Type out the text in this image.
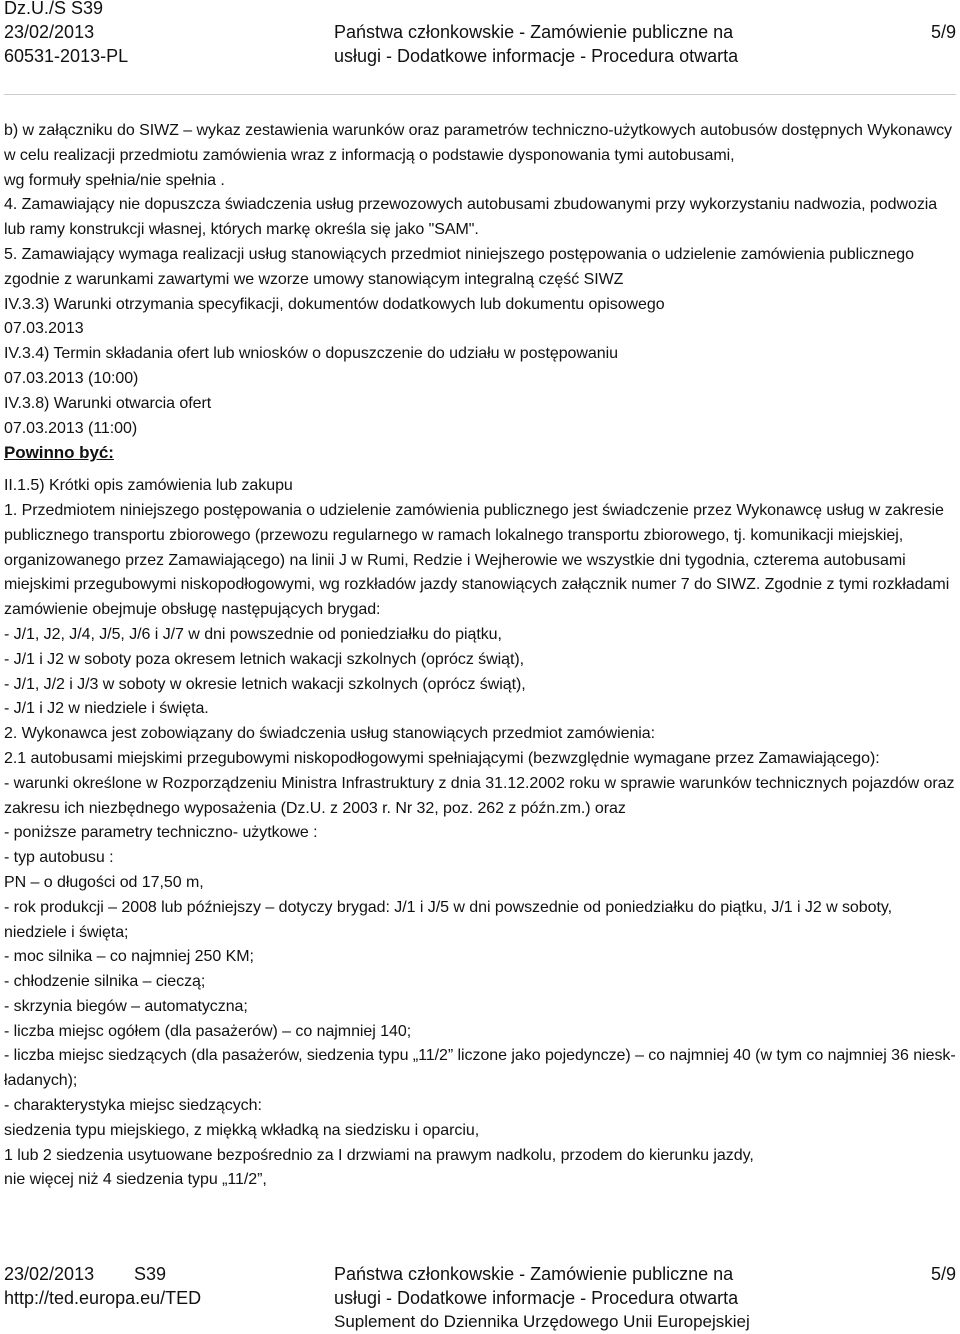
Dz.U./S S39
23/02/2013
60531-2013-PL
Państwa członkowskie - Zamówienie publiczne na
usługi - Dodatkowe informacje - Procedura otwarta
5/9

b) w załączniku do SIWZ – wykaz zestawienia warunków oraz parametrów techniczno-użytkowych autobusów dostępnych Wykonawcy w celu realizacji przedmiotu zamówienia wraz z informacją o podstawie dysponowania tymi autobusami,

wg formuły spełnia/nie spełnia .

4. Zamawiający nie dopuszcza świadczenia usług przewozowych autobusami zbudowanymi przy wykorzystaniu nadwozia, podwozia lub ramy konstrukcji własnej, których markę określa się jako "SAM".

5. Zamawiający wymaga realizacji usług stanowiących przedmiot niniejszego postępowania o udzielenie zamówienia publicznego zgodnie z warunkami zawartymi we wzorze umowy stanowiącym integralną część SIWZ

IV.3.3) Warunki otrzymania specyfikacji, dokumentów dodatkowych lub dokumentu opisowego

07.03.2013

IV.3.4) Termin składania ofert lub wniosków o dopuszczenie do udziału w postępowaniu

07.03.2013 (10:00)

IV.3.8) Warunki otwarcia ofert

07.03.2013 (11:00)

Powinno być:

II.1.5) Krótki opis zamówienia lub zakupu

1. Przedmiotem niniejszego postępowania o udzielenie zamówienia publicznego jest świadczenie przez Wykonawcę usług w zakresie publicznego transportu zbiorowego (przewozu regularnego w ramach lokalnego transportu zbiorowego, tj. komunikacji miejskiej, organizowanego przez Zamawiającego) na linii J w Rumi, Redzie i Wejherowie we wszystkie dni tygodnia, czterema autobusami miejskimi przegubowymi niskopodłogowymi, wg rozkładów jazdy stanowiących załącznik numer 7 do SIWZ. Zgodnie z tymi rozkładami zamówienie obejmuje obsługę następujących brygad:

- J/1, J2, J/4, J/5, J/6 i J/7 w dni powszednie od poniedziałku do piątku,

- J/1 i J2 w soboty poza okresem letnich wakacji szkolnych (oprócz świąt),

- J/1, J/2 i J/3 w soboty w okresie letnich wakacji szkolnych (oprócz świąt),

- J/1 i J2 w niedziele i święta.

2. Wykonawca jest zobowiązany do świadczenia usług stanowiących przedmiot zamówienia:

2.1 autobusami miejskimi przegubowymi niskopodłogowymi spełniającymi (bezwzględnie wymagane przez Zamawiającego):

- warunki określone w Rozporządzeniu Ministra Infrastruktury z dnia 31.12.2002 roku w sprawie warunków technicznych pojazdów oraz zakresu ich niezbędnego wyposażenia (Dz.U. z 2003 r. Nr 32, poz. 262 z późn.zm.) oraz

- poniższe parametry techniczno- użytkowe :

- typ autobusu :

PN – o długości od 17,50 m,

- rok produkcji – 2008 lub późniejszy – dotyczy brygad: J/1 i J/5 w dni powszednie od poniedziałku do piątku, J/1 i J2 w soboty, niedziele i święta;

- moc silnika – co najmniej 250 KM;

- chłodzenie silnika – cieczą;

- skrzynia biegów – automatyczna;

- liczba miejsc ogółem (dla pasażerów) – co najmniej 140;

- liczba miejsc siedzących (dla pasażerów, siedzenia typu „11/2” liczone jako pojedyncze) – co najmniej 40 (w tym co najmniej 36 nieskładanych);

- charakterystyka miejsc siedzących:

siedzenia typu miejskiego, z miękką wkładką na siedzisku i oparciu,

1 lub 2 siedzenia usytuowane bezpośrednio za I drzwiami na prawym nadkolu, przodem do kierunku jazdy,

nie więcej niż 4 siedzenia typu „11/2”,

23/02/2013
http://ted.europa.eu/TED
S39	Państwa członkowskie - Zamówienie publiczne na
usługi - Dodatkowe informacje - Procedura otwarta
Suplement do Dziennika Urzędowego Unii Europejskiej
5/9
